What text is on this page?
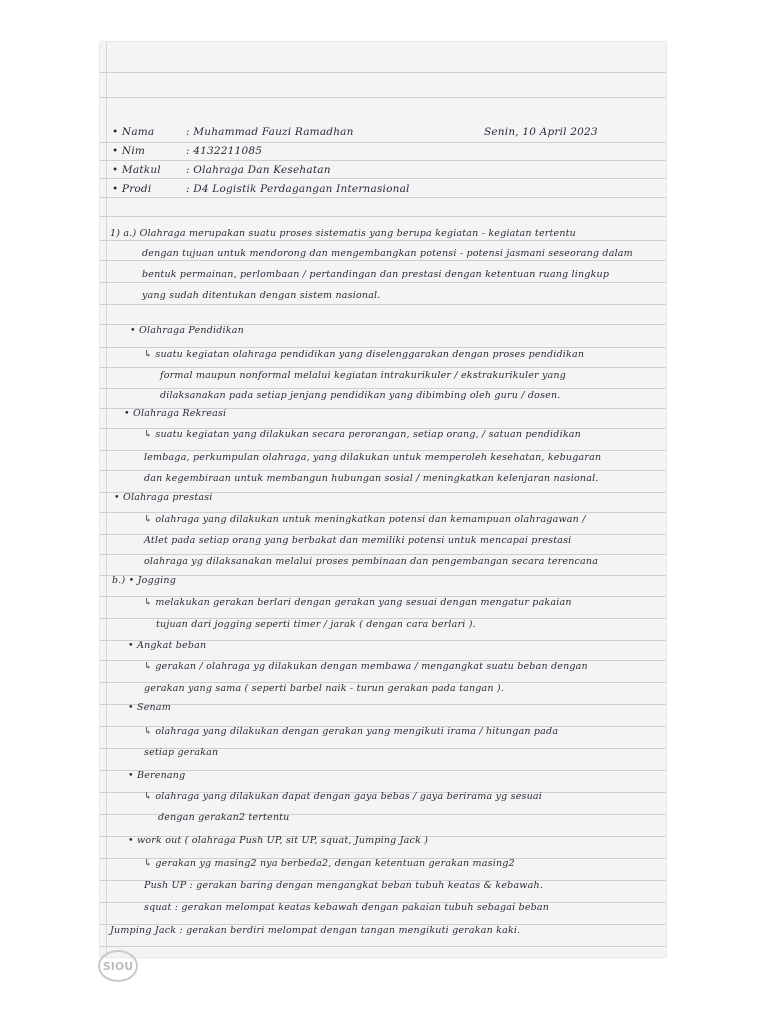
• Nama	: Muhammad Fauzi Ramadhan	Senin, 10 April 2023
• Nim	: 4132211085
• Matkul : Olahraga Dan Kesehatan
• Prodi	: D4 Logistik Perdagangan Internasional
1) a.) Olahraga merupakan suatu proses sistematis yang berupa kegiatan - kegiatan tertentu
dengan tujuan untuk mendorong dan mengembangkan potensi - potensi jasmani seseorang dalam
bentuk permainan, perlombaan / pertandingan dan prestasi dengan ketentuan ruang lingkup
yang sudah ditentukan dengan sistem nasional.
• Olahraga Pendidikan
↳ suatu kegiatan olahraga pendidikan yang diselenggarakan dengan proses pendidikan
formal maupun nonformal melalui kegiatan intrakurikuler / ekstrakurikuler yang
dilaksanakan pada setiap jenjang pendidikan yang dibimbing oleh guru / dosen.
• Olahraga Rekreasi
↳ suatu kegiatan yang dilakukan secara perorangan, setiap orang, / satuan pendidikan
lembaga, perkumpulan olahraga, yang dilakukan untuk memperoleh kesehatan, kebugaran
dan kegembiraan untuk membangun hubungan sosial / meningkatkan kelenjaran nasional.
• Olahraga prestasi
↳ olahraga yang dilakukan untuk meningkatkan potensi dan kemampuan olahragawan /
Atlet pada setiap orang yang berbakat dan memiliki potensi untuk mencapai prestasi
olahraga yg dilaksanakan melalui proses pembinaan dan pengembangan secara terencana
b.) • Jogging
↳ melakukan gerakan berlari dengan gerakan yang sesuai dengan mengatur pakaian
tujuan dari jogging seperti timer / jarak ( dengan cara berlari ).
• Angkat beban
↳ gerakan / olahraga yg dilakukan dengan membawa / mengangkat suatu beban dengan
gerakan yang sama ( seperti barbel naik - turun gerakan pada tangan ).
• Senam
↳ olahraga yang dilakukan dengan gerakan yang mengikuti irama / hitungan pada
setiap gerakan
• Berenang
↳ olahraga yang dilakukan dapat dengan gaya bebas / gaya berirama yg sesuai
dengan gerakan2 tertentu
• work out ( olahraga Push UP, sit UP, squat, Jumping Jack )
↳ gerakan yg masing2 nya berbeda2, dengan ketentuan gerakan masing2
Push UP : gerakan baring dengan mengangkat beban tubuh keatas & kebawah.
squat : gerakan melompat keatas kebawah dengan pakaian tubuh sebagai beban
Jumping Jack : gerakan berdiri melompat dengan tangan mengikuti gerakan kaki.
SIOU
